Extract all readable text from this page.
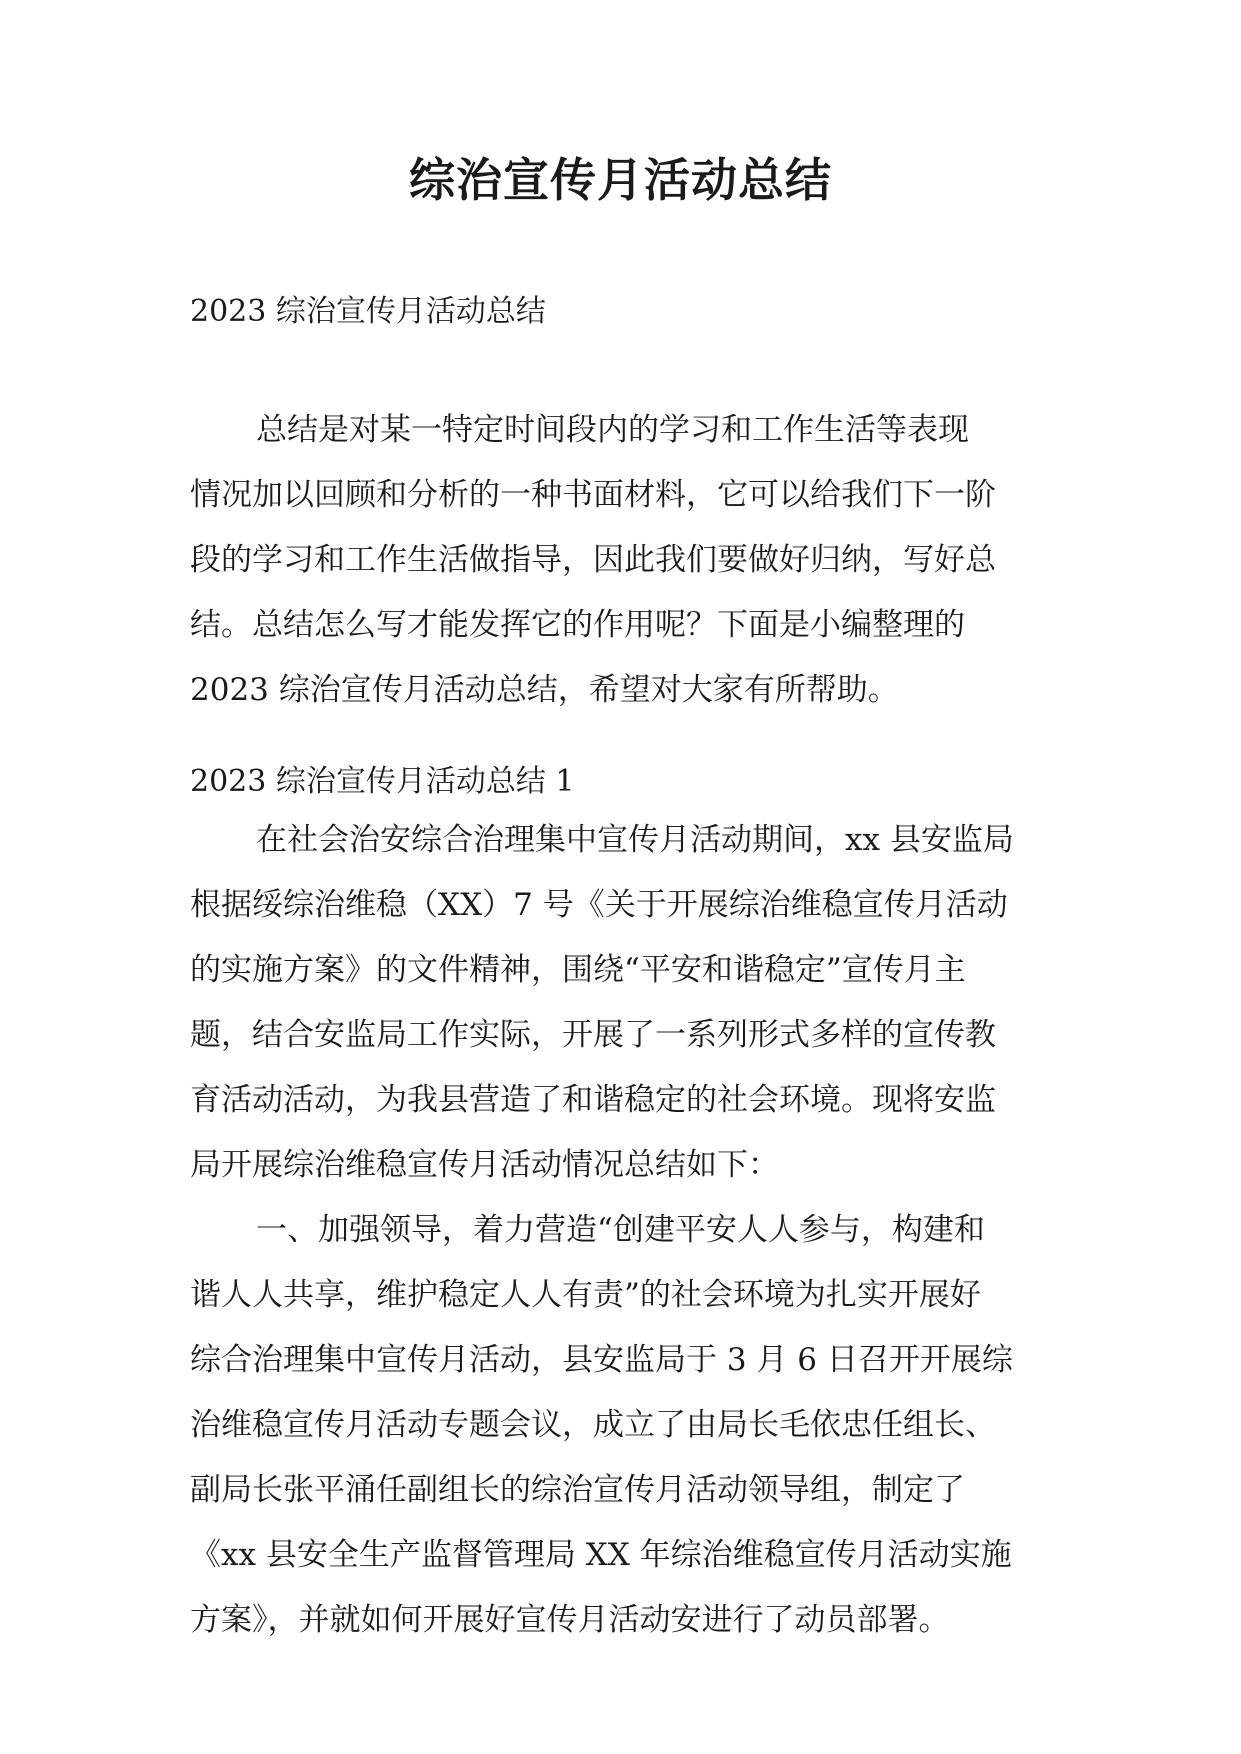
综治宣传月活动总结

2023 综治宣传月活动总结

总结是对某一特定时间段内的学习和工作生活等表现
情况加以回顾和分析的一种书面材料，它可以给我们下一阶
段的学习和工作生活做指导，因此我们要做好归纳，写好总
结。总结怎么写才能发挥它的作用呢？下面是小编整理的
2023 综治宣传月活动总结，希望对大家有所帮助。

2023 综治宣传月活动总结 1

在社会治安综合治理集中宣传月活动期间，xx 县安监局
根据绥综治维稳（XX）7 号《关于开展综治维稳宣传月活动
的实施方案》的文件精神，围绕“平安和谐稳定”宣传月主
题，结合安监局工作实际，开展了一系列形式多样的宣传教
育活动活动，为我县营造了和谐稳定的社会环境。现将安监
局开展综治维稳宣传月活动情况总结如下：
一、加强领导，着力营造“创建平安人人参与，构建和
谐人人共享，维护稳定人人有责”的社会环境为扎实开展好
综合治理集中宣传月活动，县安监局于 3 月 6 日召开开展综
治维稳宣传月活动专题会议，成立了由局长毛依忠任组长、
副局长张平涌任副组长的综治宣传月活动领导组，制定了
《xx 县安全生产监督管理局 XX 年综治维稳宣传月活动实施
方案》，并就如何开展好宣传月活动安进行了动员部署。
